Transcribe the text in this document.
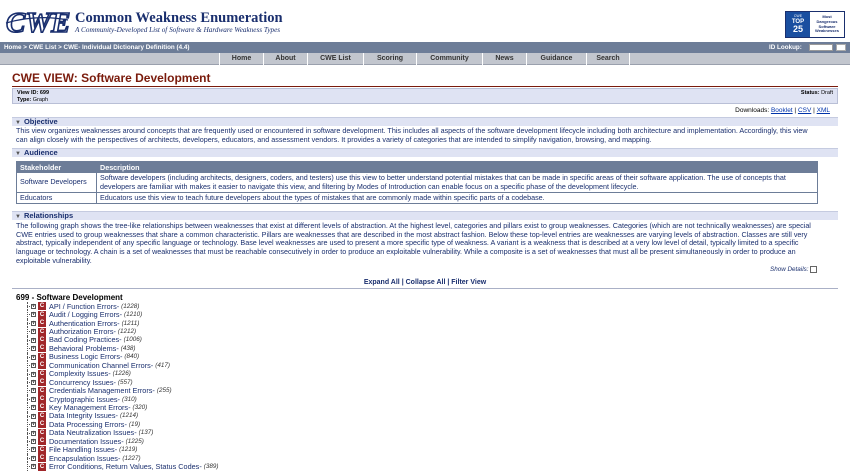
CWE Common Weakness Enumeration
A Community-Developed List of Software & Hardware Weakness Types
CWE
TOP
25
Most
Dangerous
Software
Weaknesses
Home > CWE List > CWE- Individual Dictionary Definition (4.4)	ID Lookup:
Home	About	CWE List	Scoring	Community	News	Guidance	Search
CWE VIEW: Software Development
View ID: 699
Type: Graph
Status: Draft
Downloads: Booklet | CSV | XML
▼ Objective
This view organizes weaknesses around concepts that are frequently used or encountered in software development. This includes all aspects of the software development lifecycle including both architecture and implementation. Accordingly, this view can align closely with the perspectives of architects, developers, educators, and assessment vendors. It provides a variety of categories that are intended to simplify navigation, browsing, and mapping.
▼ Audience
Stakeholder	Description
Software Developers	Software developers (including architects, designers, coders, and testers) use this view to better understand potential mistakes that can be made in specific areas of their software application. The use of concepts that developers are familiar with makes it easier to navigate this view, and filtering by Modes of Introduction can enable focus on a specific phase of the development lifecycle.
Educators	Educators use this view to teach future developers about the types of mistakes that are commonly made within specific parts of a codebase.
▼ Relationships
The following graph shows the tree-like relationships between weaknesses that exist at different levels of abstraction. At the highest level, categories and pillars exist to group weaknesses. Categories (which are not technically weaknesses) are special CWE entries used to group weaknesses that share a common characteristic. Pillars are weaknesses that are described in the most abstract fashion. Below these top-level entries are weaknesses are varying levels of abstraction. Classes are still very abstract, typically independent of any specific language or technology. Base level weaknesses are used to present a more specific type of weakness. A variant is a weakness that is described at a very low level of detail, typically limited to a specific language or technology. A chain is a set of weaknesses that must be reachable consecutively in order to produce an exploitable vulnerability. While a composite is a set of weaknesses that must all be present simultaneously in order to produce an exploitable vulnerability.
Show Details:
Expand All | Collapse All | Filter View
699 - Software Development
+ C API / Function Errors - (1228)
+ C Audit / Logging Errors - (1210)
+ C Authentication Errors - (1211)
+ C Authorization Errors - (1212)
+ C Bad Coding Practices - (1006)
+ C Behavioral Problems - (438)
+ C Business Logic Errors - (840)
+ C Communication Channel Errors - (417)
+ C Complexity Issues - (1226)
+ C Concurrency Issues - (557)
+ C Credentials Management Errors - (255)
+ C Cryptographic Issues - (310)
+ C Key Management Errors - (320)
+ C Data Integrity Issues - (1214)
+ C Data Processing Errors - (19)
+ C Data Neutralization Issues - (137)
+ C Documentation Issues - (1225)
+ C File Handling Issues - (1219)
+ C Encapsulation Issues - (1227)
+ C Error Conditions, Return Values, Status Codes - (389)
